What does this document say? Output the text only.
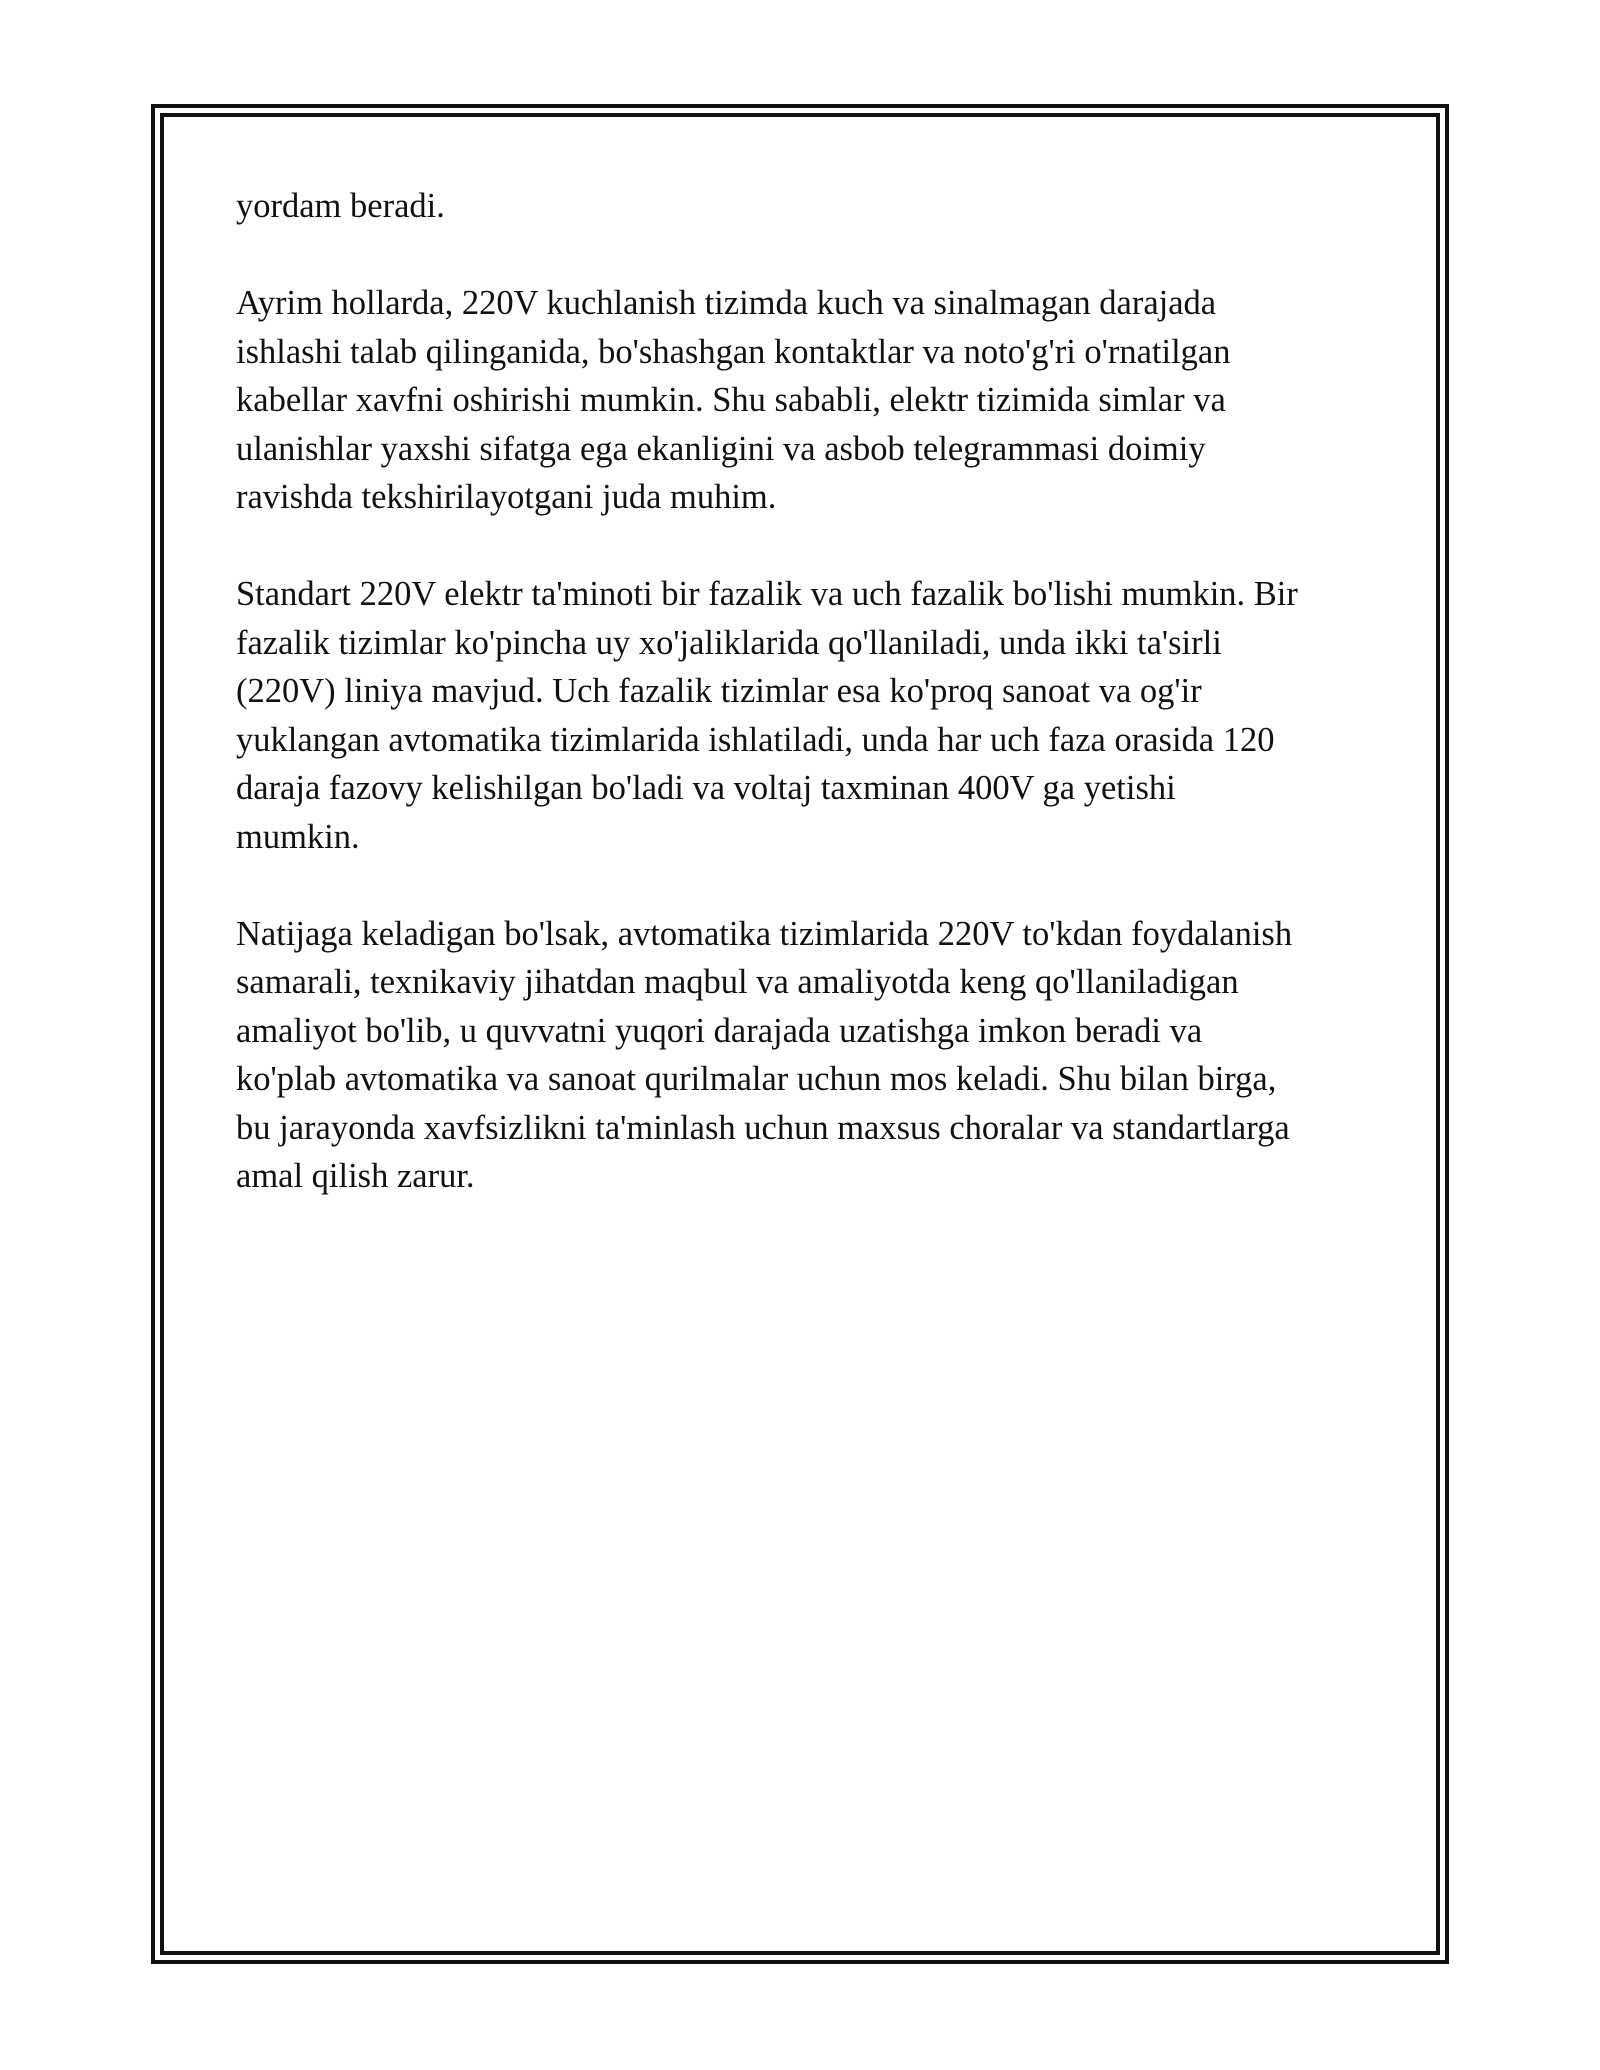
yordam beradi.

Ayrim hollarda, 220V kuchlanish tizimda kuch va sinalmagan darajada
ishlashi talab qilinganida, bo'shashgan kontaktlar va noto'g'ri o'rnatilgan
kabellar xavfni oshirishi mumkin. Shu sababli, elektr tizimida simlar va
ulanishlar yaxshi sifatga ega ekanligini va asbob telegrammasi doimiy
ravishda tekshirilayotgani juda muhim.

Standart 220V elektr ta'minoti bir fazalik va uch fazalik bo'lishi mumkin. Bir
fazalik tizimlar ko'pincha uy xo'jaliklarida qo'llaniladi, unda ikki ta'sirli
(220V) liniya mavjud. Uch fazalik tizimlar esa ko'proq sanoat va og'ir
yuklangan avtomatika tizimlarida ishlatiladi, unda har uch faza orasida 120
daraja fazovy kelishilgan bo'ladi va voltaj taxminan 400V ga yetishi
mumkin.

Natijaga keladigan bo'lsak, avtomatika tizimlarida 220V to'kdan foydalanish
samarali, texnikaviy jihatdan maqbul va amaliyotda keng qo'llaniladigan
amaliyot bo'lib, u quvvatni yuqori darajada uzatishga imkon beradi va
ko'plab avtomatika va sanoat qurilmalar uchun mos keladi. Shu bilan birga,
bu jarayonda xavfsizlikni ta'minlash uchun maxsus choralar va standartlarga
amal qilish zarur.
